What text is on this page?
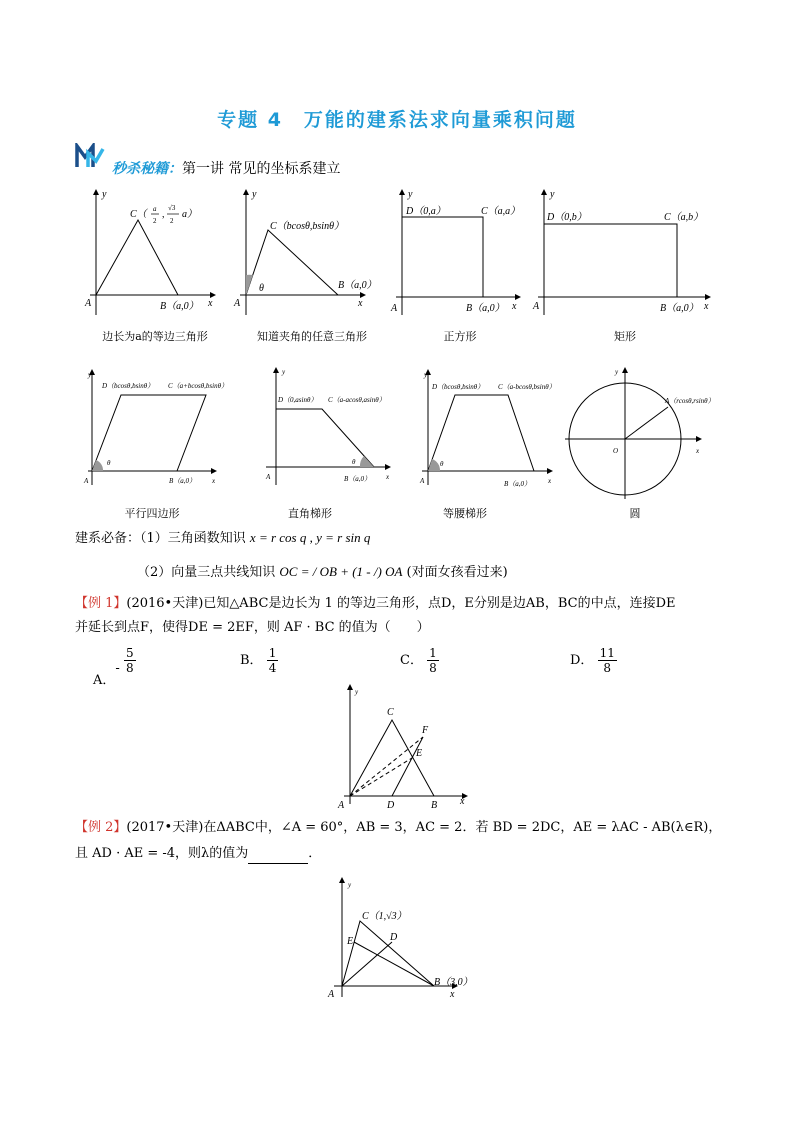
专题 4　万能的建系法求向量乘积问题
秒杀秘籍：第一讲 常见的坐标系建立
y
x
A	B（a,0）
C（ a
2
,
√3
2
a）
边长为a的等边三角形
y
x
A
θ	B（a,0）
C（bcosθ,bsinθ）
知道夹角的任意三角形
y
x
A	B（a,0）
C（a,a）
D（0,a）
正方形
y
x
A	B（a,0）
C（a,b）
D（0,b）
矩形
y
x
A
θ
B（a,0）
D（bcosθ,bsinθ） C（a+bcosθ,bsinθ）
平行四边形
y
x
A
θ
B（a,0）
D（0,asinθ） C（a-acosθ,asinθ）
直角梯形
y
x
A
θ
B（a,0）
D（bcosθ,bsinθ） C（a-bcosθ,bsinθ）
等腰梯形
y
x
O
A（rcosθ,rsinθ）
圆
建系必备：（1）三角函数知识 x = r cos q , y = r sin q
（2）向量三点共线知识 OC = / OB + (1 - /) OA (对面女孩看过来)
【例 1】(2016•天津)已知△ABC是边长为 1 的等边三角形，点D，E分别是边AB，BC的中点，连接DE
并延长到点F，使得DE = 2EF，则 AF · BC 的值为（　　）
A．- $\frac{5}{8}$	B． $\frac{1}{4}$	C． $\frac{1}{8}$	D． $\frac{11}{8}$
y
x
A	D	B
C
E
F
【例 2】(2017•天津)在ΔABC中，∠A = 60°，AB = 3，AC = 2．若 BD = 2DC，AE = λAC - AB(λ∈R)，
且 AD · AE = -4，则λ的值为	．
y
x
A
B（3,0）
C（1,√3）
D
E
